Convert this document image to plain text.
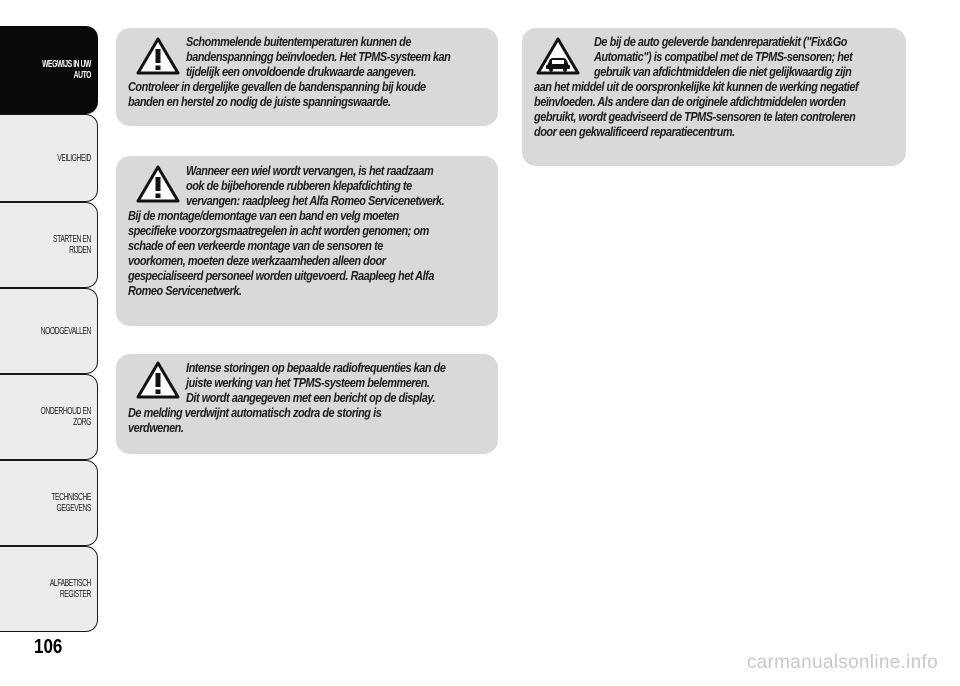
WEGWIJS IN UW
AUTO
VEILIGHEID
STARTEN EN RIJDEN
NOODGEVALLEN
ONDERHOUD EN
ZORG
TECHNISCHE
GEGEVENS
ALFABETISCH
REGISTER
106

Schommelende buitentemperaturen kunnen de

bandenspanningg beïnvloeden. Het TPMS-systeem kan

tijdelijk een onvoldoende drukwaarde aangeven.

Controleer in dergelijke gevallen de bandenspanning bij koude

banden en herstel zo nodig de juiste spanningswaarde.

Wanneer een wiel wordt vervangen, is het raadzaam

ook de bijbehorende rubberen klepafdichting te

vervangen: raadpleeg het Alfa Romeo Servicenetwerk.

Bij de montage/demontage van een band en velg moeten

specifieke voorzorgsmaatregelen in acht worden genomen; om

schade of een verkeerde montage van de sensoren te

voorkomen, moeten deze werkzaamheden alleen door

gespecialiseerd personeel worden uitgevoerd. Raapleeg het Alfa

Romeo Servicenetwerk.

Intense storingen op bepaalde radiofrequenties kan de

juiste werking van het TPMS-systeem belemmeren.

Dit wordt aangegeven met een bericht op de display.

De melding verdwijnt automatisch zodra de storing is

verdwenen.

De bij de auto geleverde bandenreparatiekit ("Fix&Go

Automatic") is compatibel met de TPMS-sensoren; het

gebruik van afdichtmiddelen die niet gelijkwaardig zijn

aan het middel uit de oorspronkelijke kit kunnen de werking negatief

beïnvloeden. Als andere dan de originele afdichtmiddelen worden

gebruikt, wordt geadviseerd de TPMS-sensoren te laten controleren

door een gekwalificeerd reparatiecentrum.

carmanualsonline.info
